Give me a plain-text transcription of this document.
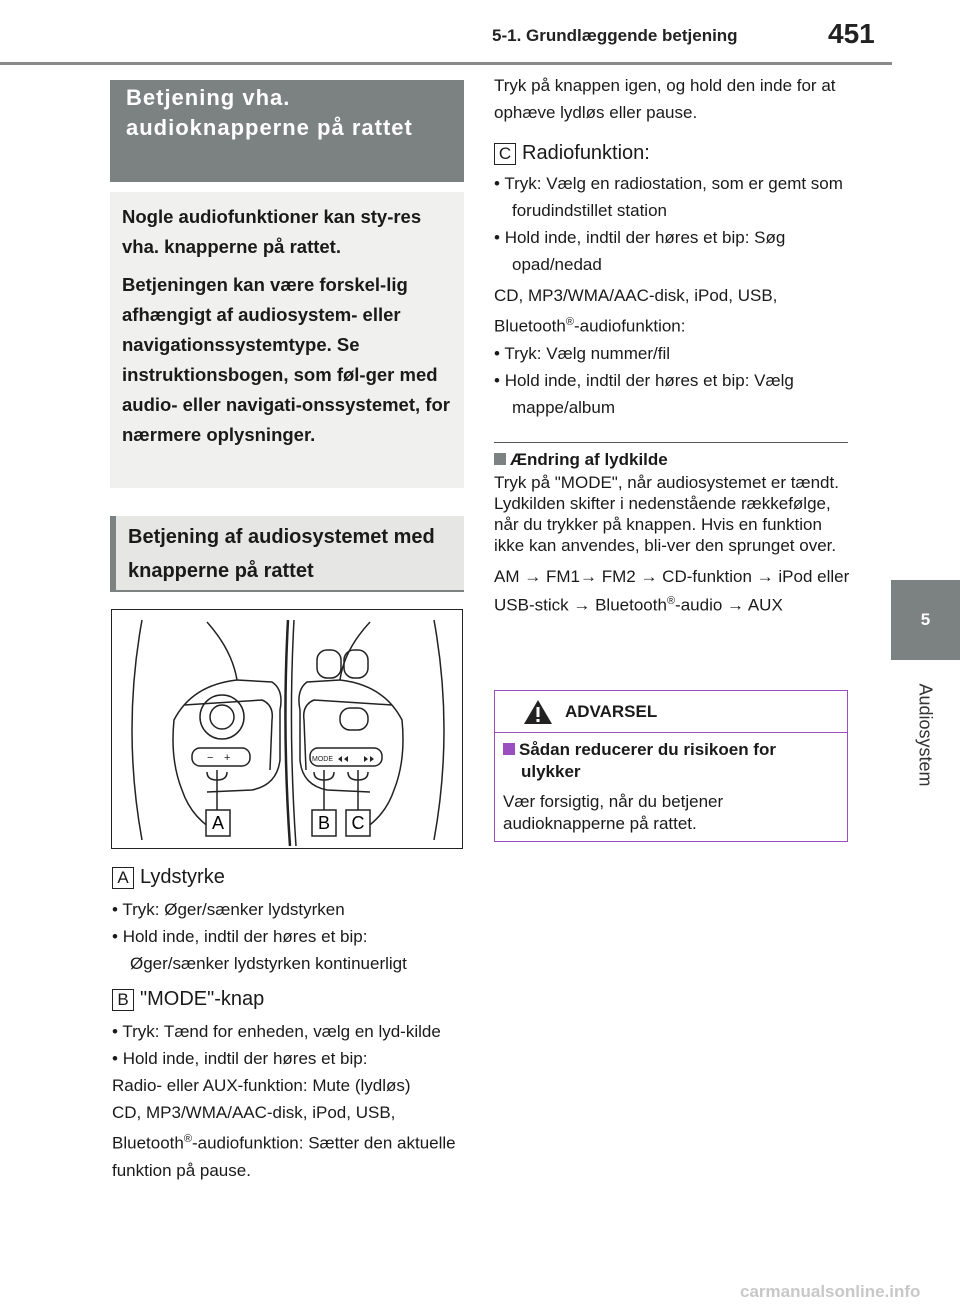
5-1. Grundlæggende betjening	451
5
Audiosystem
Betjening vha. audioknapperne på rattet

Nogle audiofunktioner kan sty-res vha. knapperne på rattet.

Betjeningen kan være forskel-lig afhængigt af audiosystem- eller navigationssystemtype. Se instruktionsbogen, som føl-ger med audio- eller navigati-onssystemet, for nærmere oplysninger.

Betjening af audiosystemet med knapperne på rattet
− +	MODE
A	B C
A Lydstyrke
• Tryk: Øger/sænker lydstyrken
• Hold inde, indtil der høres et bip: Øger/sænker lydstyrken kontinuerligt
B "MODE"-knap
• Tryk: Tænd for enheden, vælg en lyd-kilde
• Hold inde, indtil der høres et bip:

Radio- eller AUX-funktion: Mute (lydløs)

CD, MP3/WMA/AAC-disk, iPod, USB, Bluetooth®-audiofunktion: Sætter den aktuelle funktion på pause.

Tryk på knappen igen, og hold den inde for at ophæve lydløs eller pause.
C Radiofunktion:
• Tryk: Vælg en radiostation, som er gemt som forudindstillet station
• Hold inde, indtil der høres et bip: Søg opad/nedad

CD, MP3/WMA/AAC-disk, iPod, USB, Bluetooth®-audiofunktion:

• Tryk: Vælg nummer/fil
• Hold inde, indtil der høres et bip: Vælg mappe/album
Ændring af lydkilde

Tryk på "MODE", når audiosystemet er tændt. Lydkilden skifter i nedenstående rækkefølge, når du trykker på knappen. Hvis en funktion ikke kan anvendes, bli-ver den sprunget over.

AM → FM1→ FM2 → CD-funktion → iPod eller USB-stick → Bluetooth®-audio → AUX

ADVARSEL
Sådan reducerer du risikoen for ulykker
Vær forsigtig, når du betjener audioknapperne på rattet.
carmanualsonline.info
